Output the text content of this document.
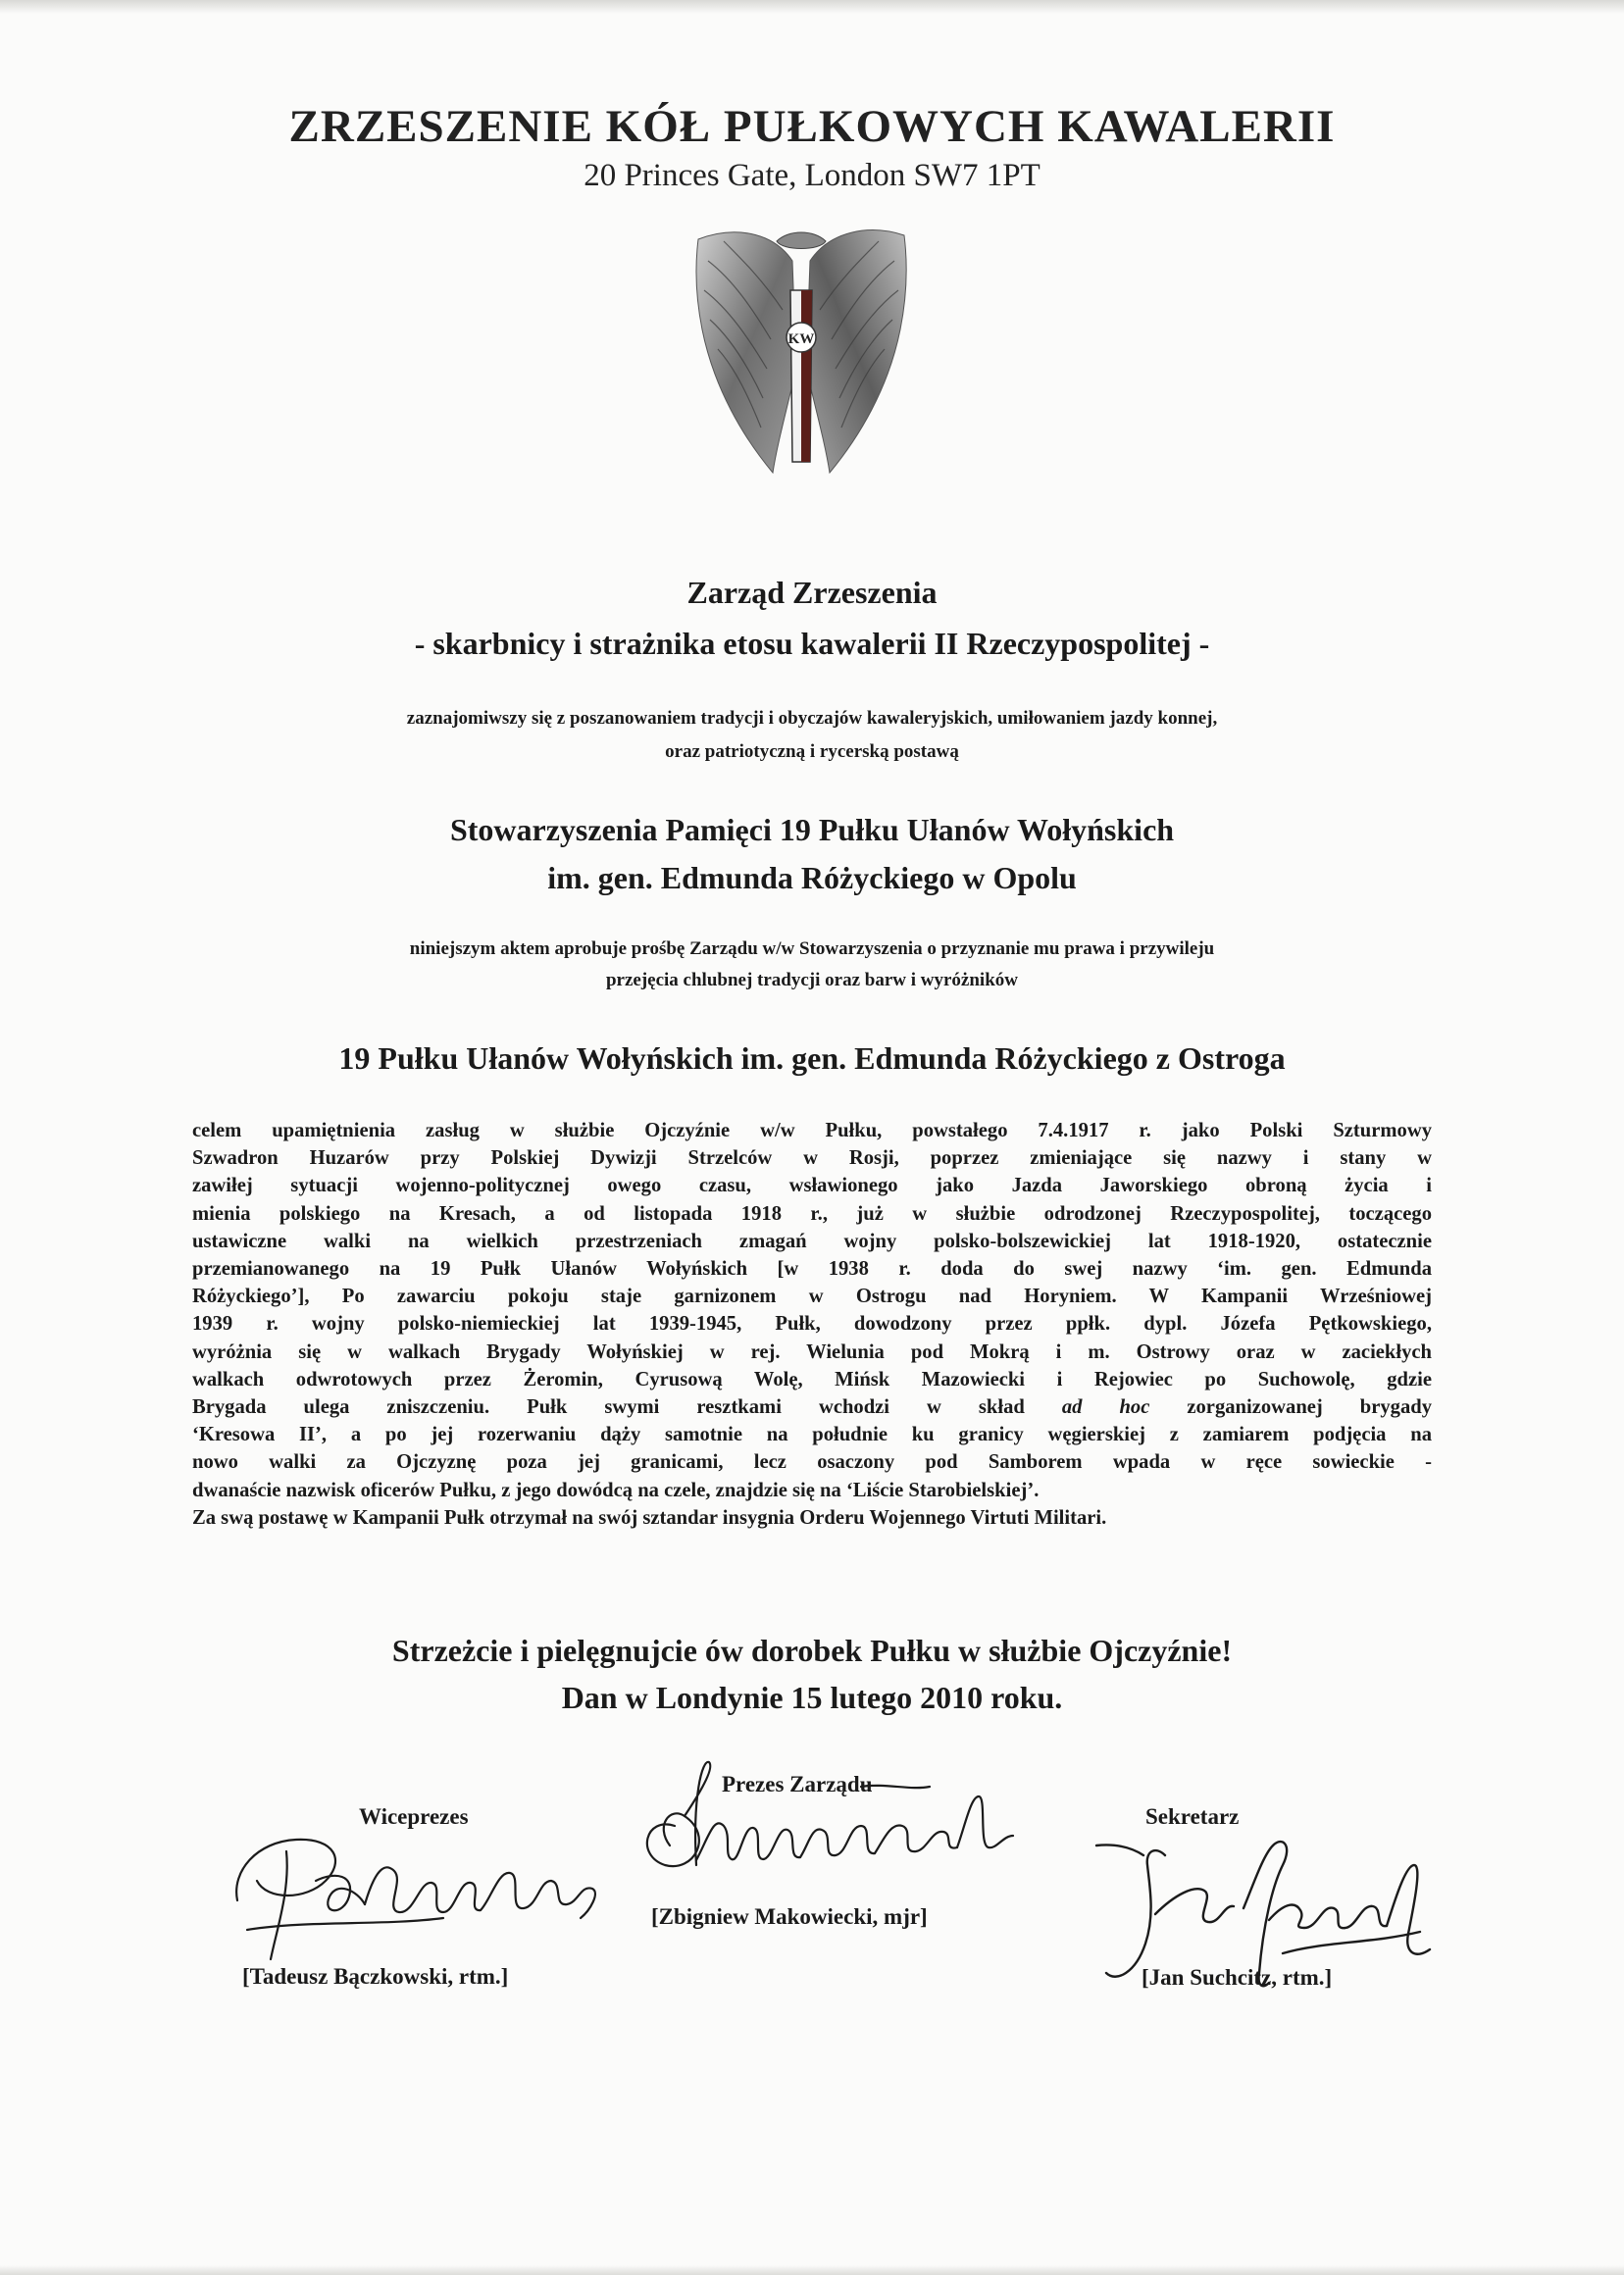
ZRZESZENIE KÓŁ PUŁKOWYCH KAWALERII
20 Princes Gate, London SW7 1PT
KW
Zarząd Zrzeszenia
- skarbnicy i strażnika etosu kawalerii II Rzeczypospolitej -
zaznajomiwszy się z poszanowaniem tradycji i obyczajów kawaleryjskich, umiłowaniem jazdy konnej,
oraz patriotyczną i rycerską postawą
Stowarzyszenia Pamięci 19 Pułku Ułanów Wołyńskich
im. gen. Edmunda Różyckiego w Opolu
niniejszym aktem aprobuje prośbę Zarządu w/w Stowarzyszenia o przyznanie mu prawa i przywileju
przejęcia chlubnej tradycji oraz barw i wyróżników
19 Pułku Ułanów Wołyńskich im. gen. Edmunda Różyckiego z Ostroga
celem upamiętnienia zasług w służbie Ojczyźnie w/w Pułku, powstałego 7.4.1917 r. jako Polski Szturmowy
Szwadron Huzarów przy Polskiej Dywizji Strzelców w Rosji, poprzez zmieniające się nazwy i stany w
zawiłej sytuacji wojenno-politycznej owego czasu, wsławionego jako Jazda Jaworskiego obroną życia i
mienia polskiego na Kresach, a od listopada 1918 r., już w służbie odrodzonej Rzeczypospolitej, toczącego
ustawiczne walki na wielkich przestrzeniach zmagań wojny polsko-bolszewickiej lat 1918-1920, ostatecznie
przemianowanego na 19 Pułk Ułanów Wołyńskich [w 1938 r. doda do swej nazwy ‘im. gen. Edmunda
Różyckiego’], Po zawarciu pokoju staje garnizonem w Ostrogu nad Horyniem. W Kampanii Wrześniowej
1939 r. wojny polsko-niemieckiej lat 1939-1945, Pułk, dowodzony przez ppłk. dypl. Józefa Pętkowskiego,
wyróżnia się w walkach Brygady Wołyńskiej w rej. Wielunia pod Mokrą i m. Ostrowy oraz w zaciekłych
walkach odwrotowych przez Żeromin, Cyrusową Wolę, Mińsk Mazowiecki i Rejowiec po Suchowolę, gdzie
Brygada ulega zniszczeniu. Pułk swymi resztkami wchodzi w skład ad hoc zorganizowanej brygady
‘Kresowa II’, a po jej rozerwaniu dąży samotnie na południe ku granicy węgierskiej z zamiarem podjęcia na
nowo walki za Ojczyznę poza jej granicami, lecz osaczony pod Samborem wpada w ręce sowieckie -
dwanaście nazwisk oficerów Pułku, z jego dowódcą na czele, znajdzie się na ‘Liście Starobielskiej’.
Za swą postawę w Kampanii Pułk otrzymał na swój sztandar insygnia Orderu Wojennego Virtuti Militari.
Strzeżcie i pielęgnujcie ów dorobek Pułku w służbie Ojczyźnie!
Dan w Londynie 15 lutego 2010 roku.
Prezes Zarządu
Wiceprezes	Sekretarz
[Zbigniew Makowiecki, mjr]
[Tadeusz Bączkowski, rtm.]	[Jan Suchcitz, rtm.]
